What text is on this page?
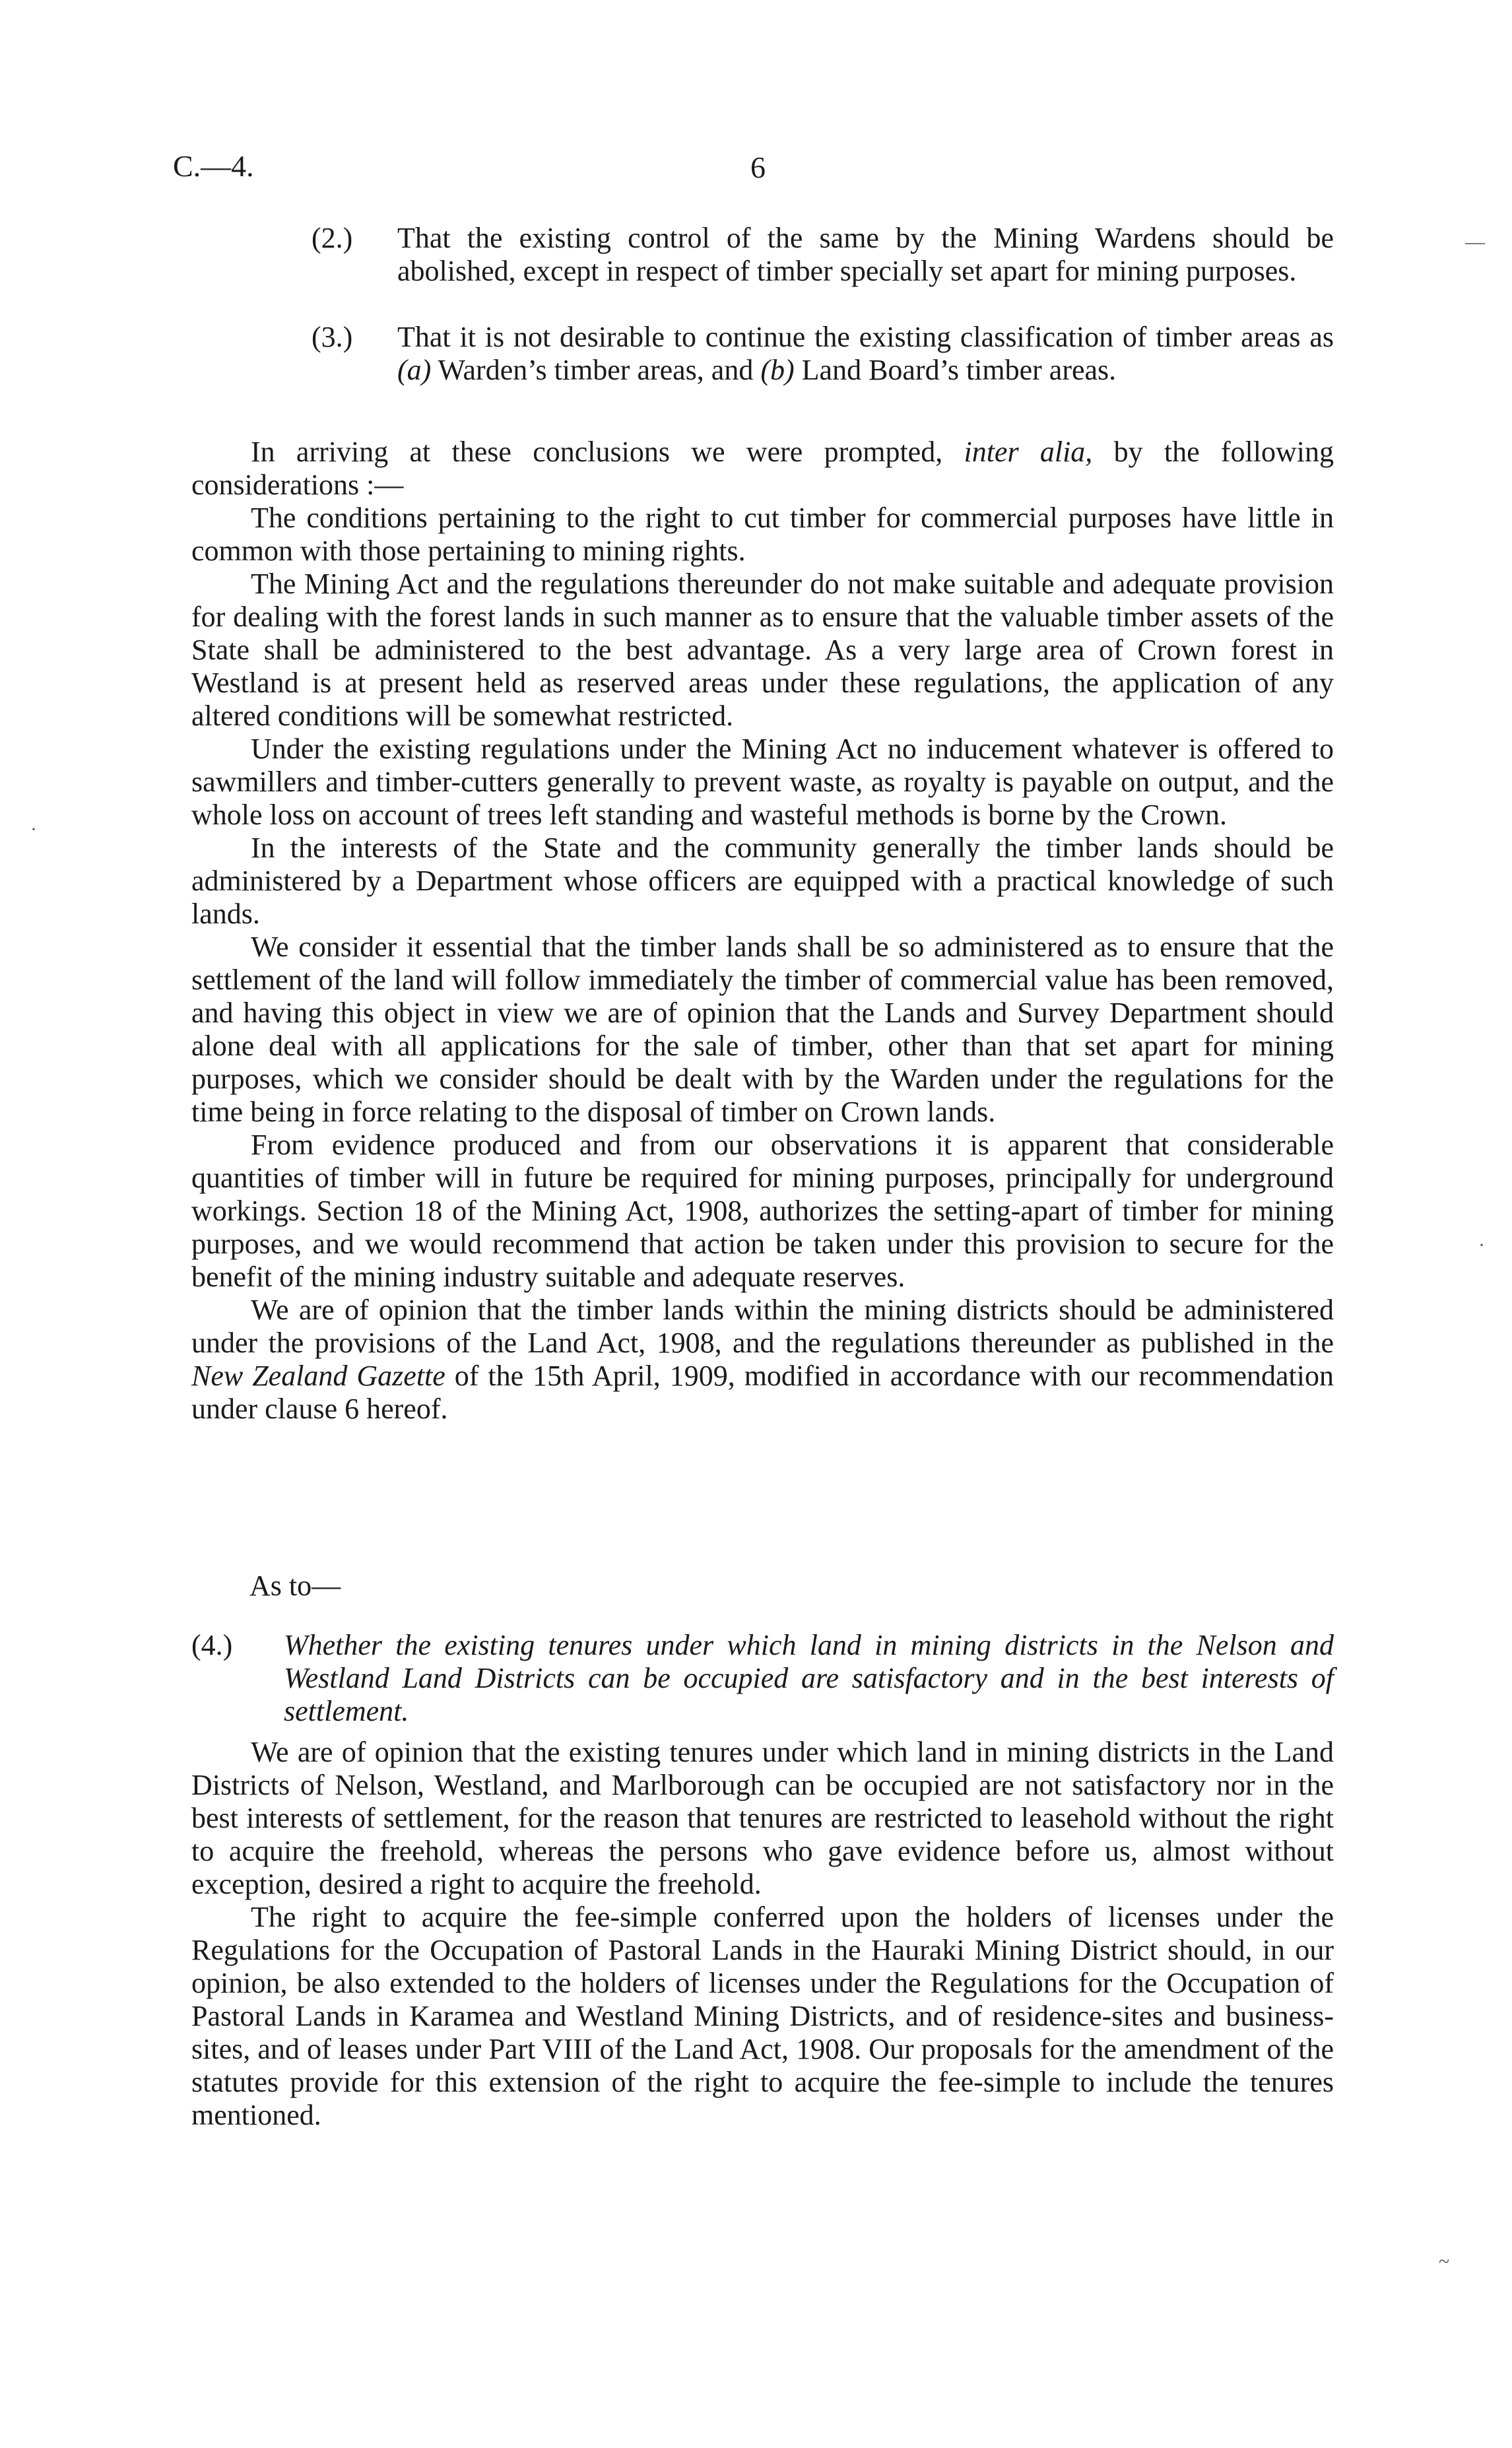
C.—4.	6
(2.) That the existing control of the same by the Mining Wardens should be abolished, except in respect of timber specially set apart for mining purposes.
(3.) That it is not desirable to continue the existing classification of timber areas as (a) Warden’s timber areas, and (b) Land Board’s timber areas.

In arriving at these conclusions we were prompted, inter alia, by the following considerations :—

The conditions pertaining to the right to cut timber for commercial purposes have little in common with those pertaining to mining rights.

The Mining Act and the regulations thereunder do not make suitable and adequate provision for dealing with the forest lands in such manner as to ensure that the valuable timber assets of the State shall be administered to the best advantage. As a very large area of Crown forest in Westland is at present held as reserved areas under these regulations, the application of any altered conditions will be somewhat restricted.

Under the existing regulations under the Mining Act no inducement whatever is offered to sawmillers and timber-cutters generally to prevent waste, as royalty is payable on output, and the whole loss on account of trees left standing and wasteful methods is borne by the Crown.

In the interests of the State and the community generally the timber lands should be administered by a Department whose officers are equipped with a practical knowledge of such lands.

We consider it essential that the timber lands shall be so administered as to ensure that the settlement of the land will follow immediately the timber of commercial value has been removed, and having this object in view we are of opinion that the Lands and Survey Department should alone deal with all applications for the sale of timber, other than that set apart for mining purposes, which we consider should be dealt with by the Warden under the regulations for the time being in force relating to the disposal of timber on Crown lands.

From evidence produced and from our observations it is apparent that considerable quantities of timber will in future be required for mining purposes, principally for underground workings. Section 18 of the Mining Act, 1908, authorizes the setting-apart of timber for mining purposes, and we would recommend that action be taken under this provision to secure for the benefit of the mining industry suitable and adequate reserves.

We are of opinion that the timber lands within the mining districts should be administered under the provisions of the Land Act, 1908, and the regulations thereunder as published in the New Zealand Gazette of the 15th April, 1909, modified in accordance with our recommendation under clause 6 hereof.

As to—
(4.) Whether the existing tenures under which land in mining districts in the Nelson and Westland Land Districts can be occupied are satisfactory and in the best interests of settlement.

We are of opinion that the existing tenures under which land in mining districts in the Land Districts of Nelson, Westland, and Marlborough can be occupied are not satisfactory nor in the best interests of settlement, for the reason that tenures are restricted to leasehold without the right to acquire the freehold, whereas the persons who gave evidence before us, almost without exception, desired a right to acquire the freehold.

The right to acquire the fee-simple conferred upon the holders of licenses under the Regulations for the Occupation of Pastoral Lands in the Hauraki Mining District should, in our opinion, be also extended to the holders of licenses under the Regulations for the Occupation of Pastoral Lands in Karamea and Westland Mining Districts, and of residence-sites and business-sites, and of leases under Part VIII of the Land Act, 1908. Our proposals for the amendment of the statutes provide for this extension of the right to acquire the fee-simple to include the tenures mentioned.

—
·
·
~
